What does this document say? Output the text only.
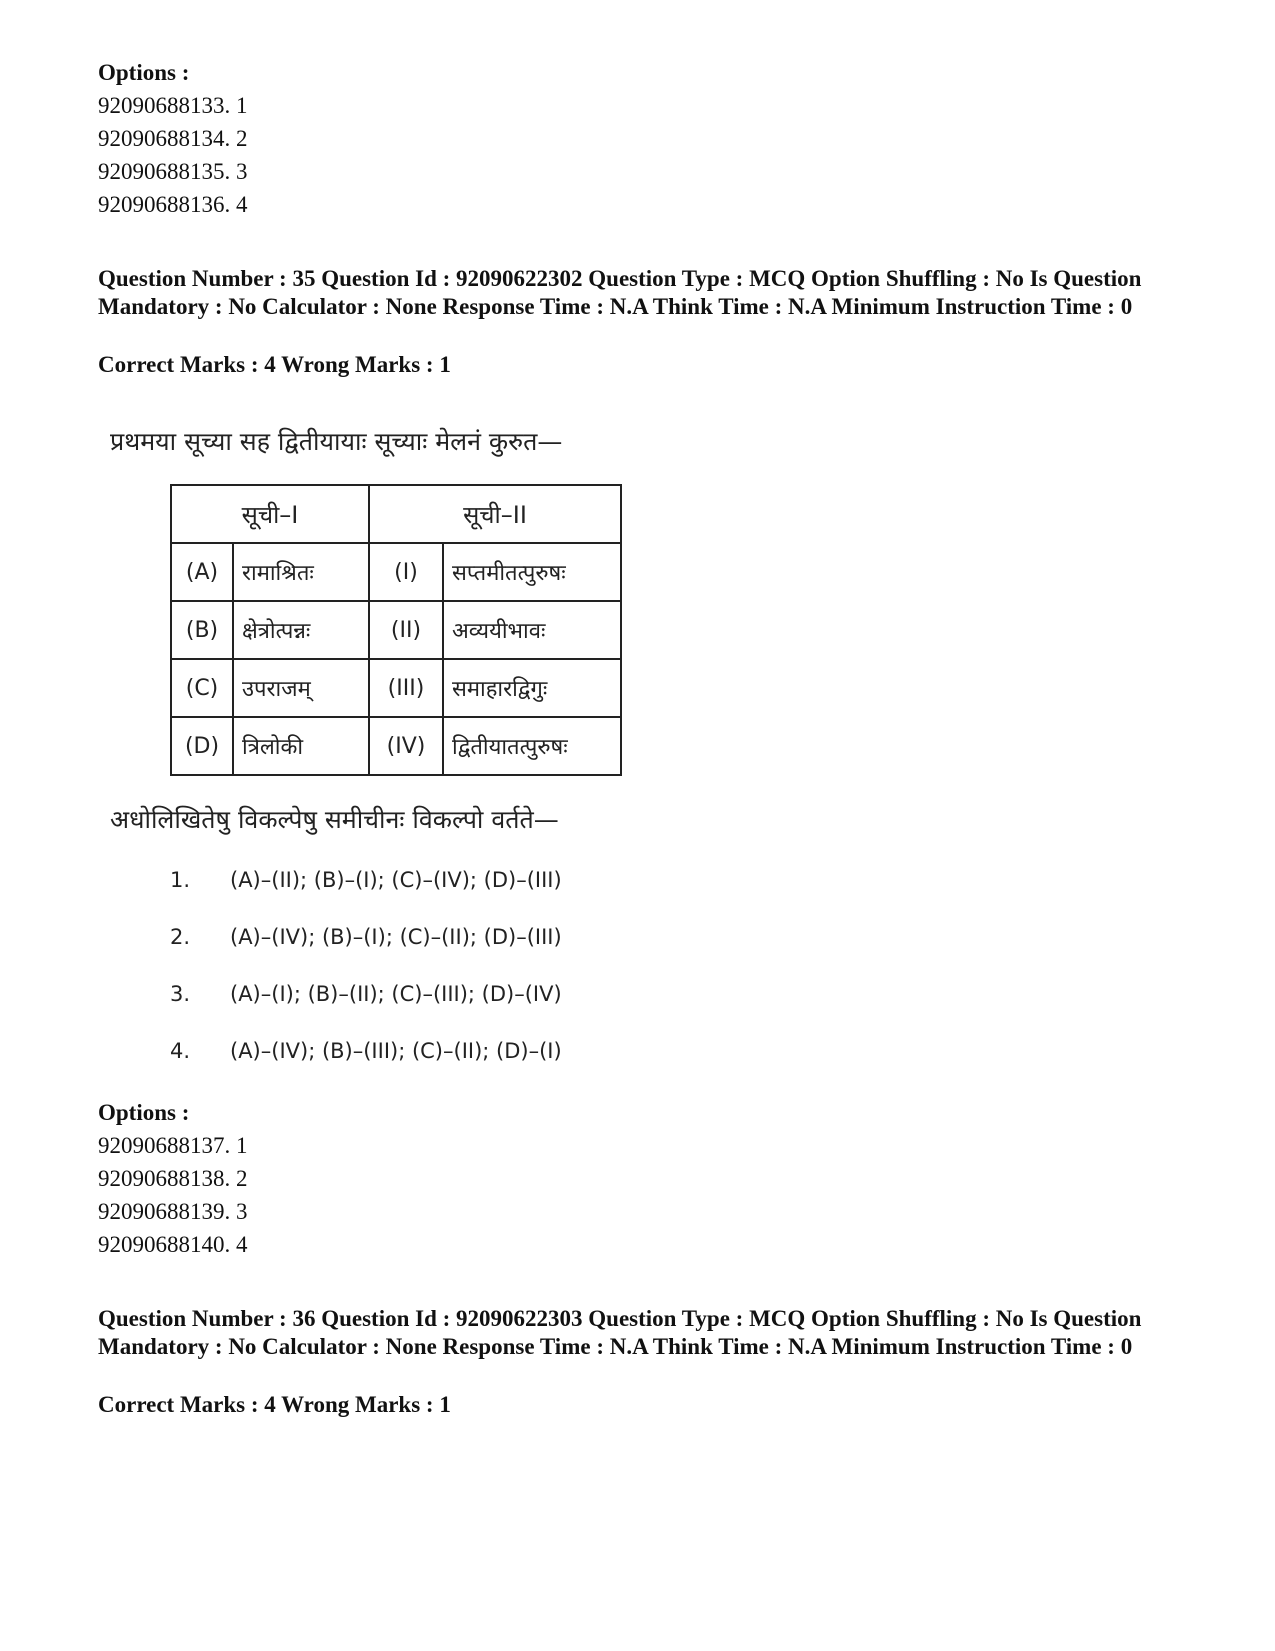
Options :
92090688133. 1
92090688134. 2
92090688135. 3
92090688136. 4
Question Number : 35 Question Id : 92090622302 Question Type : MCQ Option Shuffling : No Is Question Mandatory : No Calculator : None Response Time : N.A Think Time : N.A Minimum Instruction Time : 0
Correct Marks : 4 Wrong Marks : 1
प्रथमया सूच्या सह द्वितीयायाः सूच्याः मेलनं कुरुत—
सूची–I		सूची–II	
(A)	रामाश्रितः	(I)	सप्तमीतत्पुरुषः
(B)	क्षेत्रोत्पन्नः	(II)	अव्ययीभावः
(C)	उपराजम्	(III)	समाहारद्विगुः
(D)	त्रिलोकी	(IV)	द्वितीयातत्पुरुषः
अधोलिखितेषु विकल्पेषु समीचीनः विकल्पो वर्तते—
1. (A)–(II); (B)–(I); (C)–(IV); (D)–(III)
2. (A)–(IV); (B)–(I); (C)–(II); (D)–(III)
3. (A)–(I); (B)–(II); (C)–(III); (D)–(IV)
4. (A)–(IV); (B)–(III); (C)–(II); (D)–(I)
Options :
92090688137. 1
92090688138. 2
92090688139. 3
92090688140. 4
Question Number : 36 Question Id : 92090622303 Question Type : MCQ Option Shuffling : No Is Question Mandatory : No Calculator : None Response Time : N.A Think Time : N.A Minimum Instruction Time : 0
Correct Marks : 4 Wrong Marks : 1
